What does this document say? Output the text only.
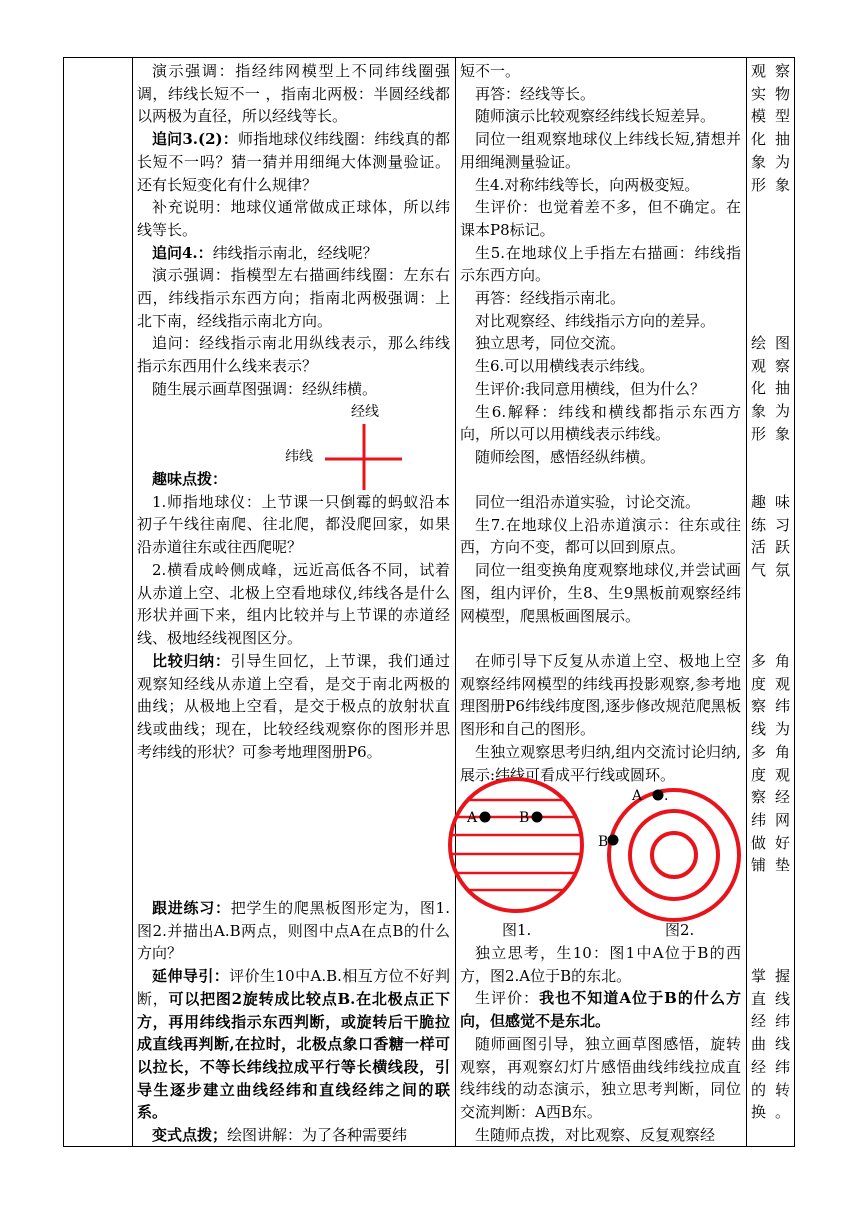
演示强调：指经纬网模型上不同纬线圈强调，纬线长短不一 ，指南北两极：半圆经线都以两极为直径，所以经线等长。

追问3.(2)：师指地球仪纬线圈：纬线真的都长短不一吗？猜一猜并用细绳大体测量验证。还有长短变化有什么规律？

补充说明：地球仪通常做成正球体，所以纬线等长。

追问4.：纬线指示南北，经线呢？

演示强调：指模型左右描画纬线圈：左东右西，纬线指示东西方向；指南北两极强调：上北下南，经线指示南北方向。

追问：经线指示南北用纵线表示，那么纬线指示东西用什么线来表示？

随生展示画草图强调：经纵纬横。

经线
纬线

趣味点拨：

1.师指地球仪：上节课一只倒霉的蚂蚁沿本初子午线往南爬、往北爬，都没爬回家，如果沿赤道往东或往西爬呢？

2.横看成岭侧成峰，远近高低各不同，试着从赤道上空、北极上空看地球仪,纬线各是什么形状并画下来，组内比较并与上节课的赤道经线、极地经线视图区分。

比较归纳：引导生回忆，上节课，我们通过观察知经线从赤道上空看，是交于南北两极的曲线；从极地上空看，是交于极点的放射状直线或曲线；现在，比较经线观察你的图形并思考纬线的形状？可参考地理图册P6。

跟进练习：把学生的爬黑板图形定为，图1.图2.并描出A.B两点，则图中点A在点B的什么方向？

延伸导引：评价生10中A.B.相互方位不好判断，可以把图2旋转成比较点B.在北极点正下方，再用纬线指示东西判断，或旋转后干脆拉成直线再判断,在拉时，北极点象口香糖一样可以拉长，不等长纬线拉成平行等长横线段，引导生逐步建立曲线经纬和直线经纬之间的联系。

变式点拨；绘图讲解：为了各种需要纬

短不一。

再答：经线等长。

随师演示比较观察经纬线长短差异。

同位一组观察地球仪上纬线长短,猜想并用细绳测量验证。

生4.对称纬线等长，向两极变短。

生评价：也觉着差不多，但不确定。在课本P8标记。

生5.在地球仪上手指左右描画：纬线指示东西方向。

再答：经线指示南北。

对比观察经、纬线指示方向的差异。

独立思考，同位交流。

生6.可以用横线表示纬线。

生评价:我同意用横线，但为什么？

生6.解释：纬线和横线都指示东西方向，所以可以用横线表示纬线。

随师绘图，感悟经纵纬横。

同位一组沿赤道实验，讨论交流。

生7.在地球仪上沿赤道演示：往东或往西，方向不变，都可以回到原点。

同位一组变换角度观察地球仪,并尝试画图，组内评价，生8、生9黑板前观察经纬网模型，爬黑板画图展示。

在师引导下反复从赤道上空、极地上空观察经纬网模型的纬线再投影观察,参考地理图册P6纬线纬度图,逐步修改规范爬黑板图形和自己的图形。

生独立观察思考归纳,组内交流讨论归纳,展示:纬线可看成平行线或圆环。

A	B
A
B
.
图1.	图2.

独立思考，生10：图1中A位于B的西方，图2.A位于B的东北。

生评价：我也不知道A位于B的什么方向，但感觉不是东北。

随师画图引导，独立画草图感悟，旋转观察，再观察幻灯片感悟曲线纬线拉成直线纬线的动态演示，独立思考判断，同位交流判断：A西B东。

生随师点拨，对比观察、反复观察经

观察实物模型化抽象为形象
绘图观察化抽象为形象
趣味练习活跃气氛
多角度观察纬线为多角度观察经纬网做好铺垫
掌握直线经纬曲线经纬的转换。
